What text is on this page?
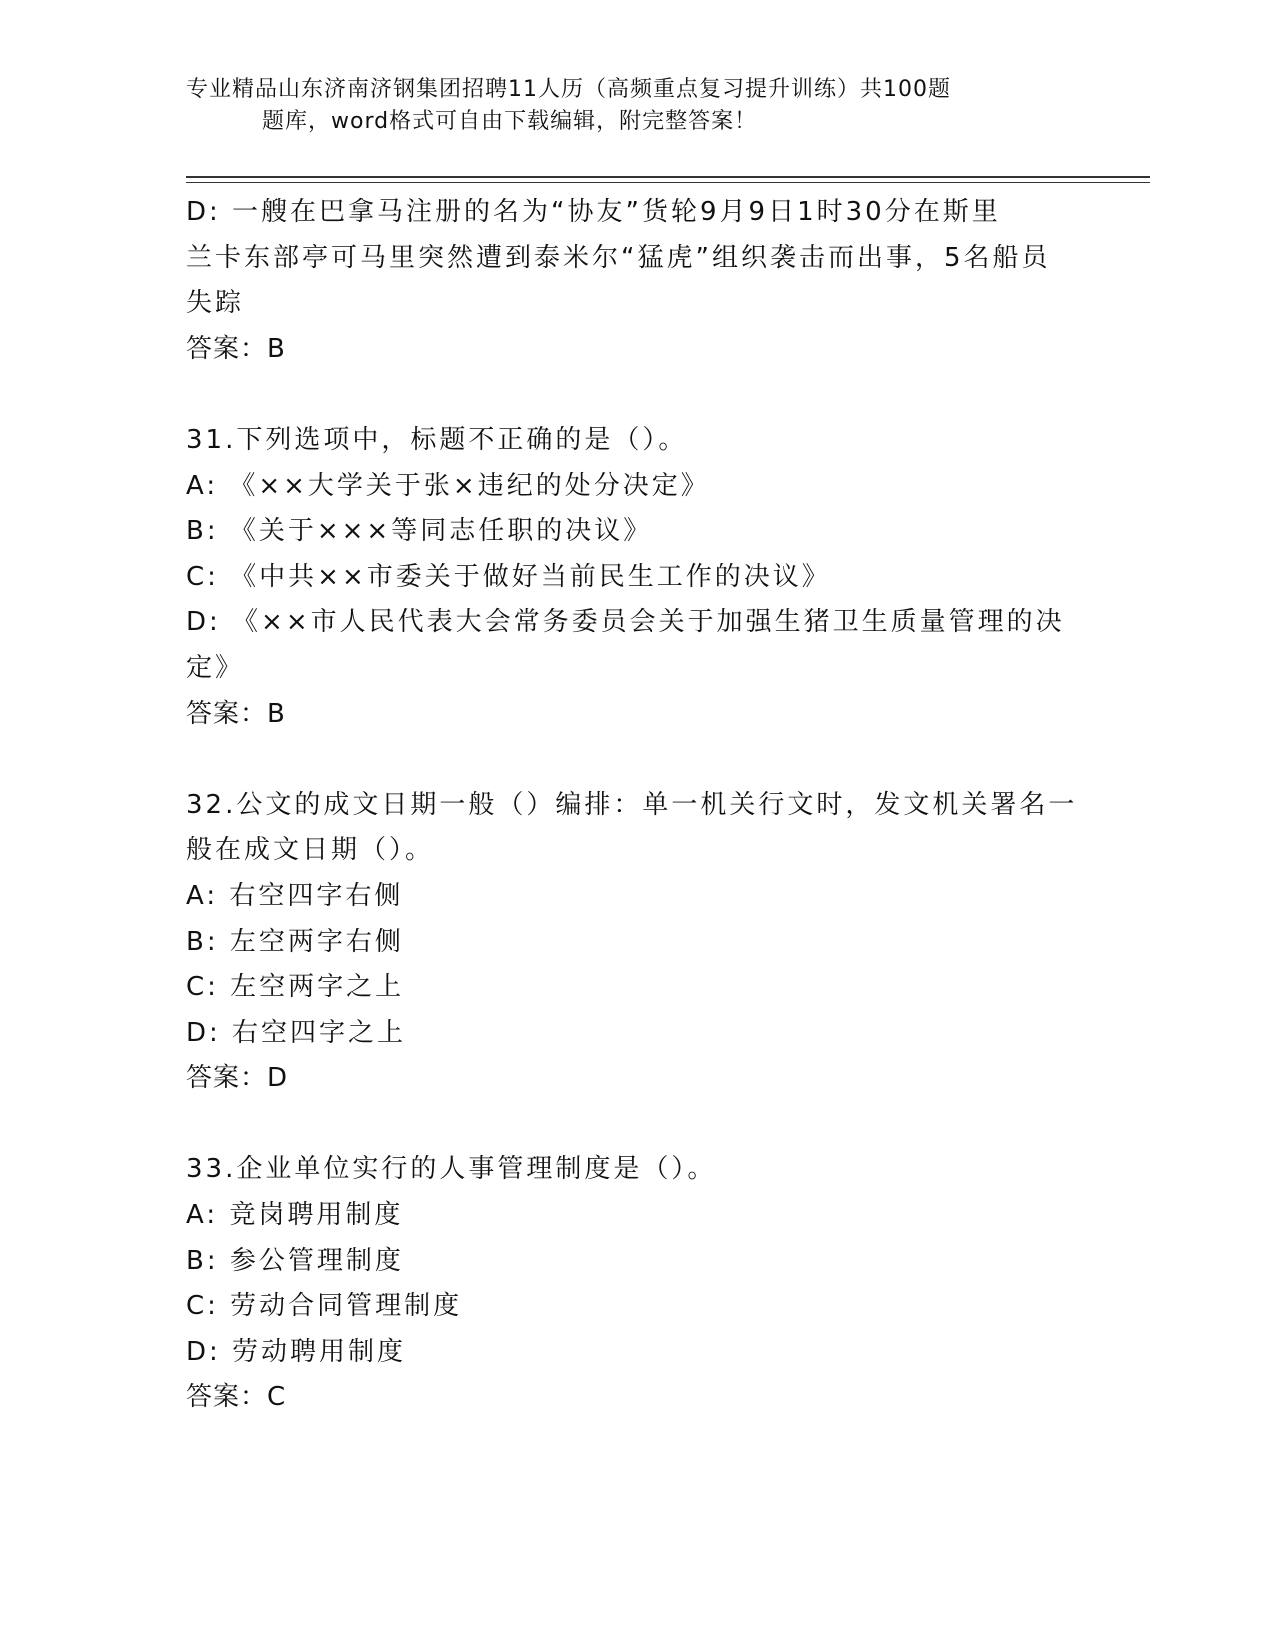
专业精品山东济南济钢集团招聘11人历（高频重点复习提升训练）共100题
题库，word格式可自由下载编辑，附完整答案！
D: 一艘在巴拿马注册的名为“协友”货轮9月9日1时30分在斯里
兰卡东部亭可马里突然遭到泰米尔“猛虎”组织袭击而出事，5名船员
失踪
答案：B
31.下列选项中，标题不正确的是（）。
A: 《××大学关于张×违纪的处分决定》
B: 《关于×××等同志任职的决议》
C: 《中共××市委关于做好当前民生工作的决议》
D: 《××市人民代表大会常务委员会关于加强生猪卫生质量管理的决
定》
答案：B
32.公文的成文日期一般（）编排：单一机关行文时，发文机关署名一
般在成文日期（）。
A: 右空四字右侧
B: 左空两字右侧
C: 左空两字之上
D: 右空四字之上
答案：D
33.企业单位实行的人事管理制度是（）。
A: 竞岗聘用制度
B: 参公管理制度
C: 劳动合同管理制度
D: 劳动聘用制度
答案：C
